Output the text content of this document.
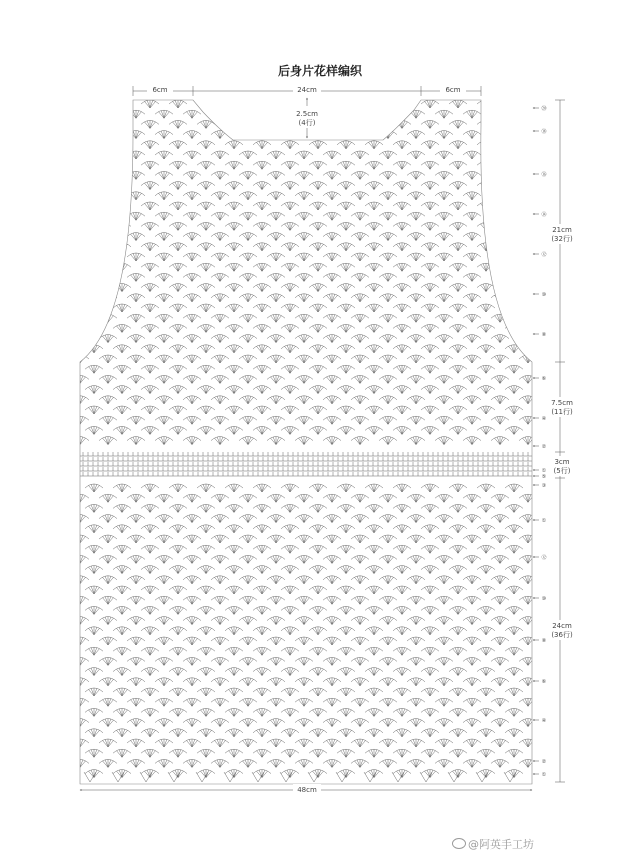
后身片花样编织
6cm	24cm	6cm
2.5cm
(4行)
21cm
(32行)
7.5cm
(11行)
3cm
(5行)
24cm
(36行)
⑳
⑱
⑯
⑭
⑫
⑩
⑧
⑥
④
②
①
⑤
③
①
⑫
⑩
⑧
⑥
④
②
①
48cm
@阿英手工坊
